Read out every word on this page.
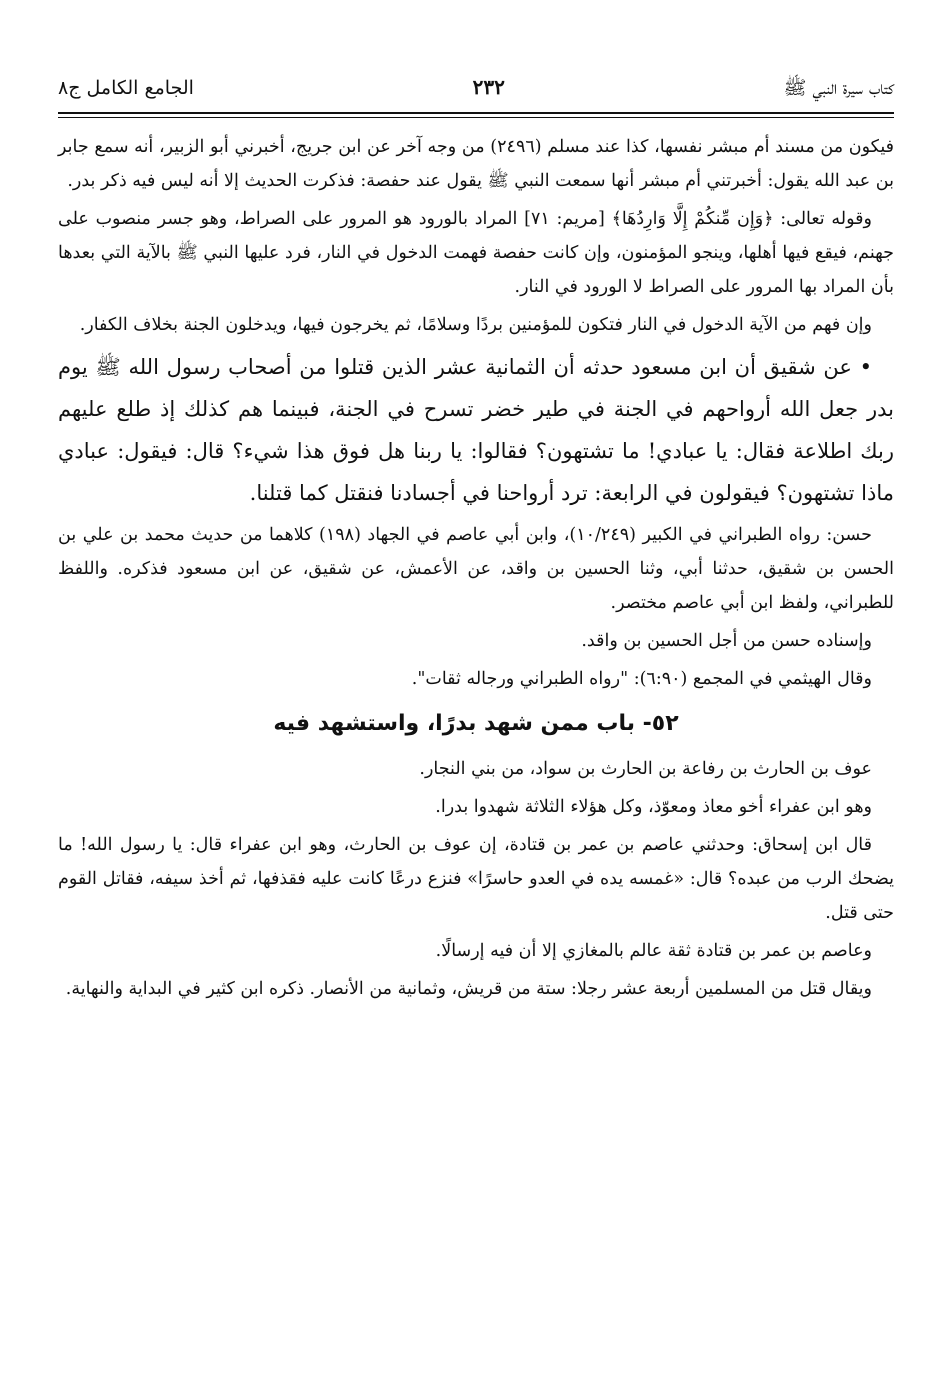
كتاب سيرة النبي ﷺ
٢٣٢
الجامع الكامل ج٨

فيكون من مسند أم مبشر نفسها، كذا عند مسلم (٢٤٩٦) من وجه آخر عن ابن جريج، أخبرني أبو الزبير، أنه سمع جابر بن عبد الله يقول: أخبرتني أم مبشر أنها سمعت النبي ﷺ يقول عند حفصة: فذكرت الحديث إلا أنه ليس فيه ذكر بدر.

وقوله تعالى: ﴿وَإِن مِّنكُمْ إِلَّا وَارِدُهَا﴾ [مريم: ٧١] المراد بالورود هو المرور على الصراط، وهو جسر منصوب على جهنم، فيقع فيها أهلها، وينجو المؤمنون، وإن كانت حفصة فهمت الدخول في النار، فرد عليها النبي ﷺ بالآية التي بعدها بأن المراد بها المرور على الصراط لا الورود في النار.

وإن فهم من الآية الدخول في النار فتكون للمؤمنين بردًا وسلامًا، ثم يخرجون فيها، ويدخلون الجنة بخلاف الكفار.

• عن شقيق أن ابن مسعود حدثه أن الثمانية عشر الذين قتلوا من أصحاب رسول الله ﷺ يوم بدر جعل الله أرواحهم في الجنة في طير خضر تسرح في الجنة، فبينما هم كذلك إذ طلع عليهم ربك اطلاعة فقال: يا عبادي! ما تشتهون؟ فقالوا: يا ربنا هل فوق هذا شيء؟ قال: فيقول: عبادي ماذا تشتهون؟ فيقولون في الرابعة: ترد أرواحنا في أجسادنا فنقتل كما قتلنا.

حسن: رواه الطبراني في الكبير (١٠/٢٤٩)، وابن أبي عاصم في الجهاد (١٩٨) كلاهما من حديث محمد بن علي بن الحسن بن شقيق، حدثنا أبي، وثنا الحسين بن واقد، عن الأعمش، عن شقيق، عن ابن مسعود فذكره. واللفظ للطبراني، ولفظ ابن أبي عاصم مختصر.

وإسناده حسن من أجل الحسين بن واقد.

وقال الهيثمي في المجمع (٦:٩٠): "رواه الطبراني ورجاله ثقات".

٥٢- باب ممن شهد بدرًا، واستشهد فيه

عوف بن الحارث بن رفاعة بن الحارث بن سواد، من بني النجار.

وهو ابن عفراء أخو معاذ ومعوّذ، وكل هؤلاء الثلاثة شهدوا بدرا.

قال ابن إسحاق: وحدثني عاصم بن عمر بن قتادة، إن عوف بن الحارث، وهو ابن عفراء قال: يا رسول الله! ما يضحك الرب من عبده؟ قال: «غمسه يده في العدو حاسرًا» فنزع درعًا كانت عليه فقذفها، ثم أخذ سيفه، فقاتل القوم حتى قتل.

وعاصم بن عمر بن قتادة ثقة عالم بالمغازي إلا أن فيه إرسالًا.

ويقال قتل من المسلمين أربعة عشر رجلا: ستة من قريش، وثمانية من الأنصار. ذكره ابن كثير في البداية والنهاية.
